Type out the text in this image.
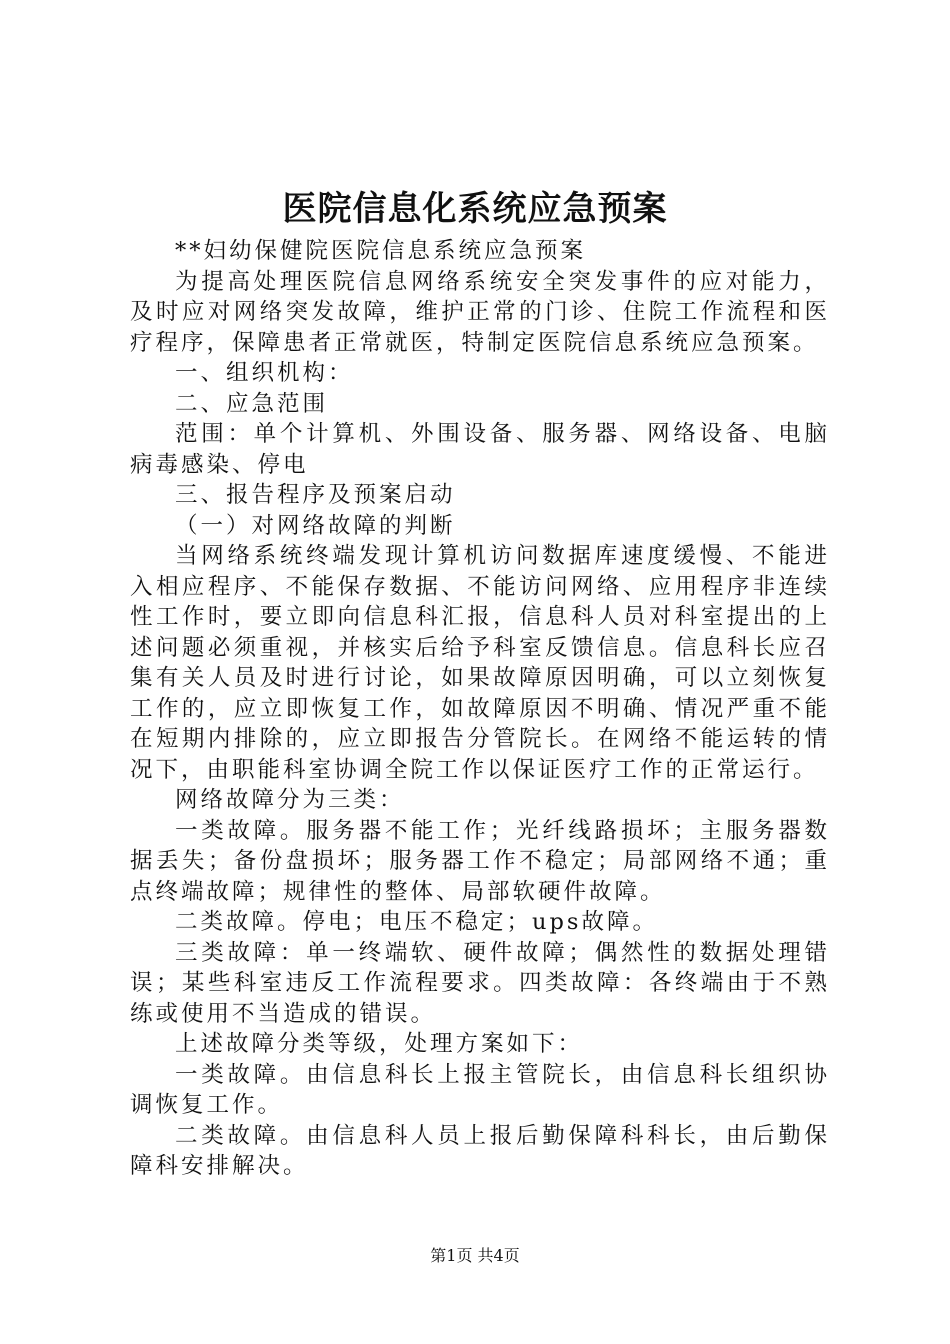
医院信息化系统应急预案

**妇幼保健院医院信息系统应急预案

为提高处理医院信息网络系统安全突发事件的应对能力，及时应对网络突发故障，维护正常的门诊、住院工作流程和医疗程序，保障患者正常就医，特制定医院信息系统应急预案。

一、组织机构：

二、应急范围

范围：单个计算机、外围设备、服务器、网络设备、电脑病毒感染、停电

三、报告程序及预案启动

（一）对网络故障的判断

当网络系统终端发现计算机访问数据库速度缓慢、不能进入相应程序、不能保存数据、不能访问网络、应用程序非连续性工作时，要立即向信息科汇报，信息科人员对科室提出的上述问题必须重视，并核实后给予科室反馈信息。信息科长应召集有关人员及时进行讨论，如果故障原因明确，可以立刻恢复工作的，应立即恢复工作，如故障原因不明确、情况严重不能在短期内排除的，应立即报告分管院长。在网络不能运转的情况下，由职能科室协调全院工作以保证医疗工作的正常运行。

网络故障分为三类：

一类故障。服务器不能工作；光纤线路损坏；主服务器数据丢失；备份盘损坏；服务器工作不稳定；局部网络不通；重点终端故障；规律性的整体、局部软硬件故障。

二类故障。停电；电压不稳定；ups故障。

三类故障：单一终端软、硬件故障；偶然性的数据处理错误；某些科室违反工作流程要求。四类故障：各终端由于不熟练或使用不当造成的错误。

上述故障分类等级，处理方案如下：

一类故障。由信息科长上报主管院长，由信息科长组织协调恢复工作。

二类故障。由信息科人员上报后勤保障科科长，由后勤保障科安排解决。

第1页 共4页
